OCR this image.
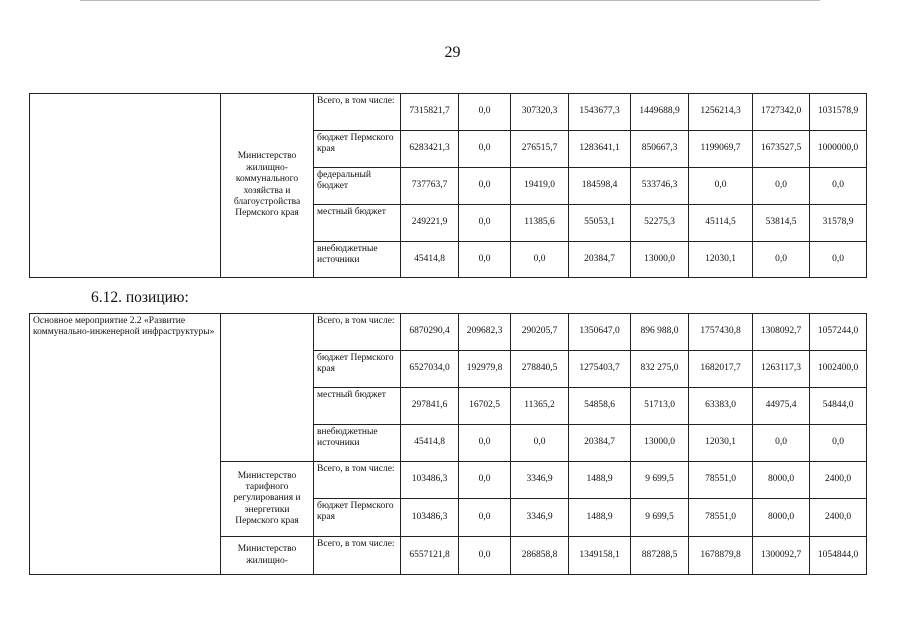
29
	Министерство жилищно-коммунального хозяйства и благоустройства Пермского края	Всего, в том числе:	7315821,7	0,0	307320,3	1543677,3	1449688,9	1256214,3	1727342,0	1031578,9
		бюджет Пермского края	6283421,3	0,0	276515,7	1283641,1	850667,3	1199069,7	1673527,5	1000000,0
		федеральный бюджет	737763,7	0,0	19419,0	184598,4	533746,3	0,0	0,0	0,0
		местный бюджет	249221,9	0,0	11385,6	55053,1	52275,3	45114,5	53814,5	31578,9
		внебюджетные источники	45414,8	0,0	0,0	20384,7	13000,0	12030,1	0,0	0,0
6.12. позицию:
Основное мероприятие 2.2 «Развитие коммунально-инженерной инфраструктуры»		Всего, в том числе:	6870290,4	209682,3	290205,7	1350647,0	896 988,0	1757430,8	1308092,7	1057244,0
		бюджет Пермского края	6527034,0	192979,8	278840,5	1275403,7	832 275,0	1682017,7	1263117,3	1002400,0
		местный бюджет	297841,6	16702,5	11365,2	54858,6	51713,0	63383,0	44975,4	54844,0
		внебюджетные источники	45414,8	0,0	0,0	20384,7	13000,0	12030,1	0,0	0,0
	Министерство тарифного регулирования и энергетики Пермского края	Всего, в том числе:	103486,3	0,0	3346,9	1488,9	9 699,5	78551,0	8000,0	2400,0
		бюджет Пермского края	103486,3	0,0	3346,9	1488,9	9 699,5	78551,0	8000,0	2400,0
	Министерство жилищно-	Всего, в том числе:	6557121,8	0,0	286858,8	1349158,1	887288,5	1678879,8	1300092,7	1054844,0
